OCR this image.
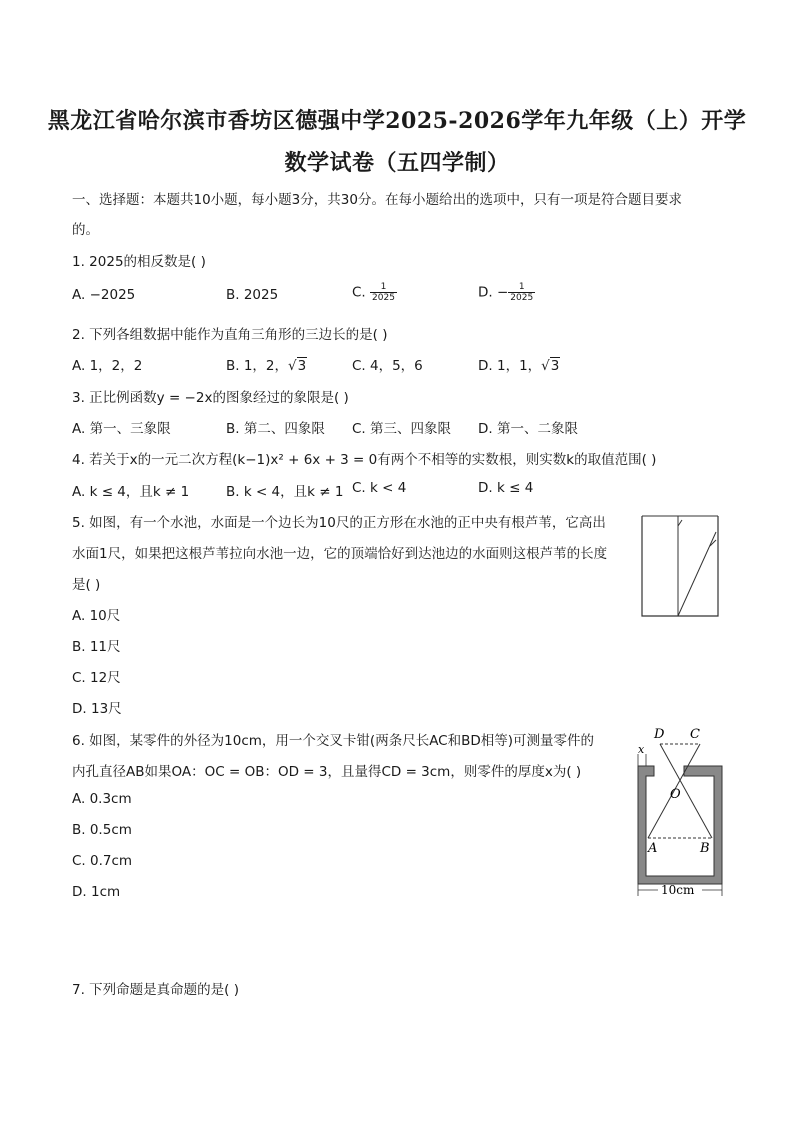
黑龙江省哈尔滨市香坊区德强中学2025-2026学年九年级（上）开学
数学试卷（五四学制）
一、选择题：本题共10小题，每小题3分，共30分。在每小题给出的选项中，只有一项是符合题目要求
的。
1. 2025的相反数是( )
A. −2025	B. 2025	C. $\frac{1}{2025}$	D. − $\frac{1}{2025}$
2. 下列各组数据中能作为直角三角形的三边长的是( )
A. 1，2，2	B. 1，2，√3	C. 4，5，6	D. 1，1，√3
3. 正比例函数y = −2x的图象经过的象限是( )
A. 第一、三象限	B. 第二、四象限 C. 第三、四象限 D. 第一、二象限
4. 若关于x的一元二次方程(k−1)x² + 6x + 3 = 0有两个不相等的实数根，则实数k的取值范围( )
A. k ≤ 4，且k ≠ 1	B. k < 4，且k ≠ 1 C. k < 4	D. k ≤ 4
5. 如图，有一个水池，水面是一个边长为10尺的正方形在水池的正中央有根芦苇，它高出
水面1尺，如果把这根芦苇拉向水池一边，它的顶端恰好到达池边的水面则这根芦苇的长度
是( )
A. 10尺
B. 11尺
C. 12尺
D. 13尺
6. 如图，某零件的外径为10cm，用一个交叉卡钳(两条尺长AC和BD相等)可测量零件的
内孔直径AB如果OA：OC = OB：OD = 3，且量得CD = 3cm，则零件的厚度x为( )
A. 0.3cm
B. 0.5cm
C. 0.7cm
D. 1cm
D C
x
O
A	B
10cm
7. 下列命题是真命题的是( )
